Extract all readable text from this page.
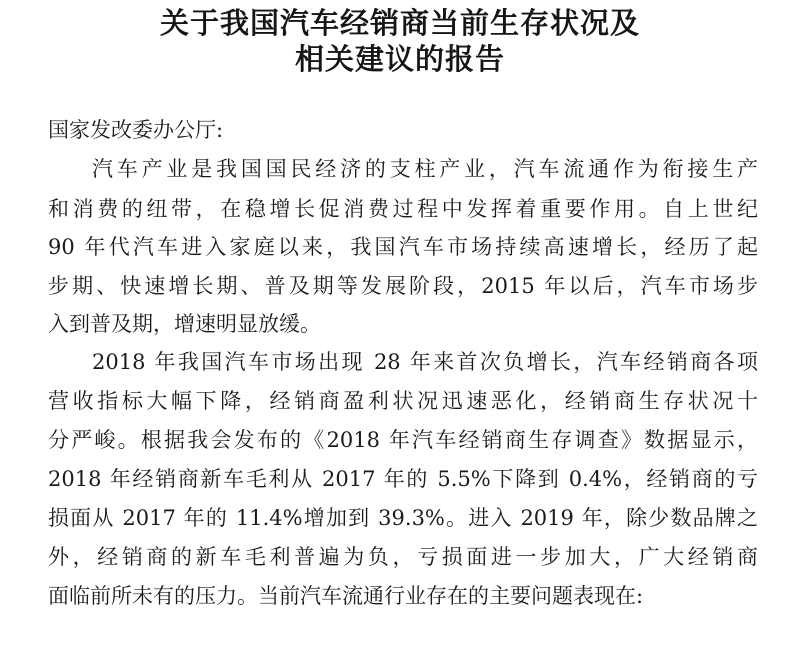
关于我国汽车经销商当前生存状况及
相关建议的报告
国家发改委办公厅:
汽车产业是我国国民经济的支柱产业，汽车流通作为衔接生产
和消费的纽带，在稳增长促消费过程中发挥着重要作用。自上世纪
90 年代汽车进入家庭以来，我国汽车市场持续高速增长，经历了起
步期、快速增长期、普及期等发展阶段，2015 年以后，汽车市场步
入到普及期，增速明显放缓。
2018 年我国汽车市场出现 28 年来首次负增长，汽车经销商各项
营收指标大幅下降，经销商盈利状况迅速恶化，经销商生存状况十
分严峻。根据我会发布的《2018 年汽车经销商生存调查》数据显示，
2018 年经销商新车毛利从 2017 年的 5.5%下降到 0.4%，经销商的亏
损面从 2017 年的 11.4%增加到 39.3%。进入 2019 年，除少数品牌之
外，经销商的新车毛利普遍为负，亏损面进一步加大，广大经销商
面临前所未有的压力。当前汽车流通行业存在的主要问题表现在:
